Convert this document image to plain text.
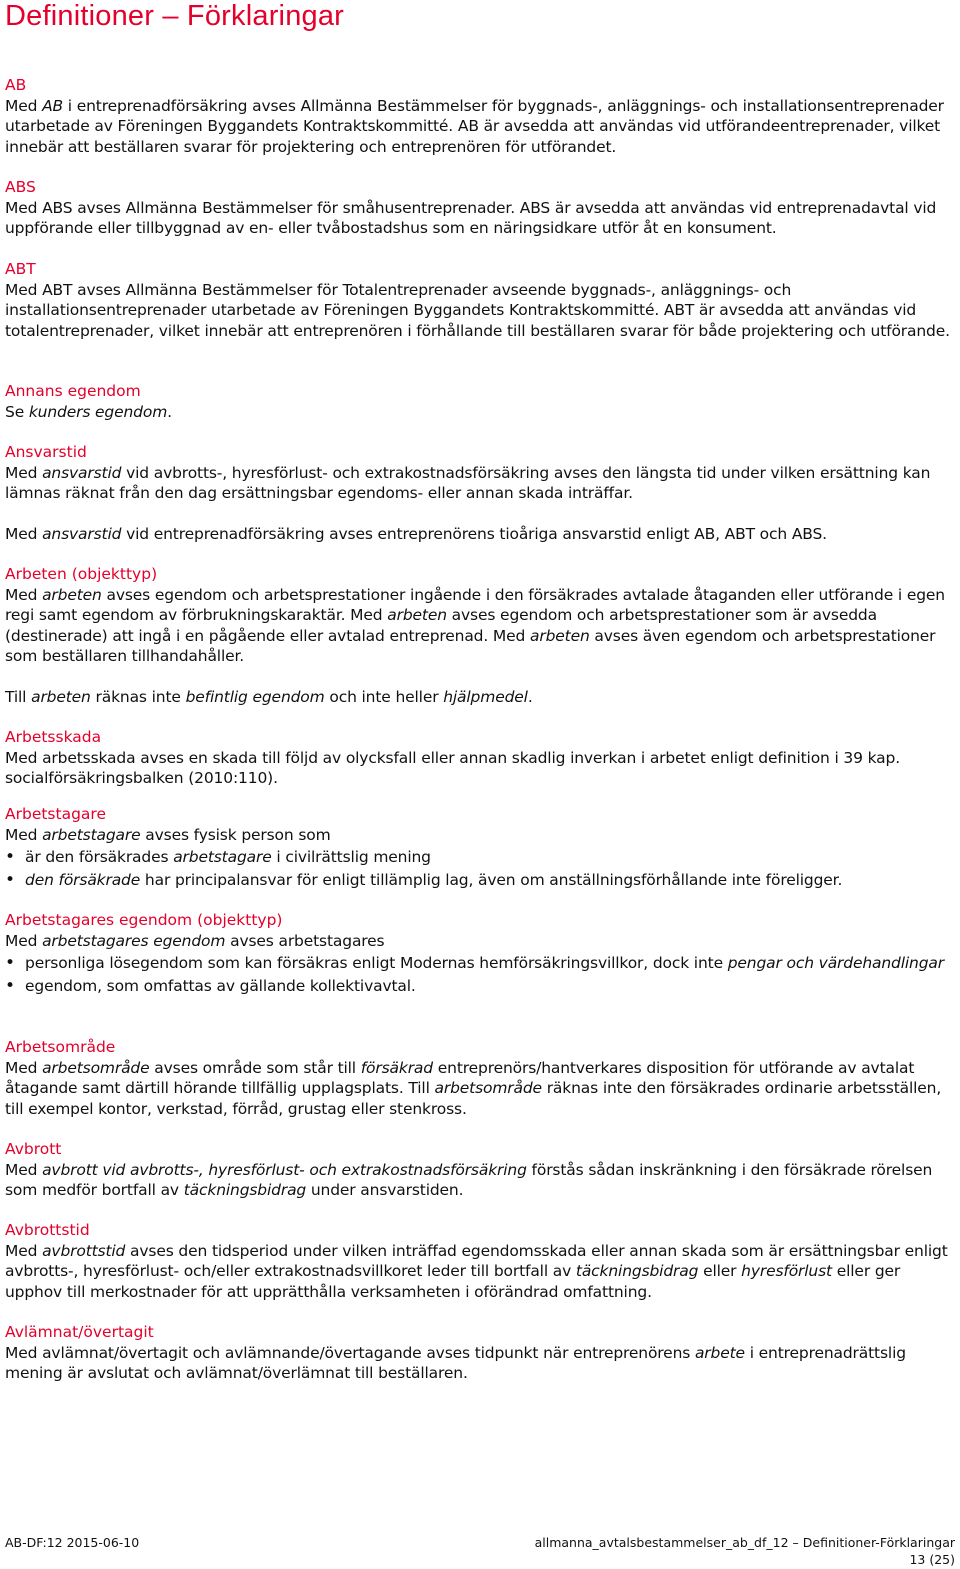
Definitioner – Förklaringar
AB

Med AB i entreprenadförsäkring avses Allmänna Bestämmelser för byggnads-, anläggnings- och installationsentreprenader utarbetade av Föreningen Byggandets Kontraktskommitté. AB är avsedda att användas vid utförandeentreprenader, vilket innebär att beställaren svarar för projektering och entreprenören för utförandet.

ABS

Med ABS avses Allmänna Bestämmelser för småhusentreprenader. ABS är avsedda att användas vid entreprenadavtal vid uppförande eller tillbyggnad av en- eller tvåbostadshus som en näringsidkare utför åt en konsument.

ABT

Med ABT avses Allmänna Bestämmelser för Totalentreprenader avseende byggnads-, anläggnings- och installationsentreprenader utarbetade av Föreningen Byggandets Kontraktskommitté. ABT är avsedda att användas vid totalentreprenader, vilket innebär att entreprenören i förhållande till beställaren svarar för både projektering och utförande.

Annans egendom

Se kunders egendom.

Ansvarstid

Med ansvarstid vid avbrotts-, hyresförlust- och extrakostnadsförsäkring avses den längsta tid under vilken ersättning kan lämnas räknat från den dag ersättningsbar egendoms- eller annan skada inträffar.

Med ansvarstid vid entreprenadförsäkring avses entreprenörens tioåriga ansvarstid enligt AB, ABT och ABS.

Arbeten (objekttyp)

Med arbeten avses egendom och arbetsprestationer ingående i den försäkrades avtalade åtaganden eller utförande i egen regi samt egendom av förbrukningskaraktär. Med arbeten avses egendom och arbetsprestationer som är avsedda (destinerade) att ingå i en pågående eller avtalad entreprenad. Med arbeten avses även egendom och arbetsprestationer som beställaren tillhandahåller.

Till arbeten räknas inte befintlig egendom och inte heller hjälpmedel.

Arbetsskada

Med arbetsskada avses en skada till följd av olycksfall eller annan skadlig inverkan i arbetet enligt definition i 39 kap. socialförsäkringsbalken (2010:110).

Arbetstagare

Med arbetstagare avses fysisk person som

• är den försäkrades arbetstagare i civilrättslig mening
• den försäkrade har principalansvar för enligt tillämplig lag, även om anställningsförhållande inte föreligger.
Arbetstagares egendom (objekttyp)

Med arbetstagares egendom avses arbetstagares

• personliga lösegendom som kan försäkras enligt Modernas hemförsäkringsvillkor, dock inte pengar och värdehandlingar
• egendom, som omfattas av gällande kollektivavtal.
Arbetsområde

Med arbetsområde avses område som står till försäkrad entreprenörs/hantverkares disposition för utförande av avtalat åtagande samt därtill hörande tillfällig upplagsplats. Till arbetsområde räknas inte den försäkrades ordinarie arbetsställen, till exempel kontor, verkstad, förråd, grustag eller stenkross.

Avbrott

Med avbrott vid avbrotts-, hyresförlust- och extrakostnadsförsäkring förstås sådan inskränkning i den försäkrade rörelsen som medför bortfall av täckningsbidrag under ansvarstiden.

Avbrottstid

Med avbrottstid avses den tidsperiod under vilken inträffad egendomsskada eller annan skada som är ersättningsbar enligt avbrotts-, hyresförlust- och/eller extrakostnadsvillkoret leder till bortfall av täckningsbidrag eller hyresförlust eller ger upphov till merkostnader för att upprätthålla verksamheten i oförändrad omfattning.

Avlämnat/övertagit

Med avlämnat/övertagit och avlämnande/övertagande avses tidpunkt när entreprenörens arbete i entreprenadrättslig mening är avslutat och avlämnat/överlämnat till beställaren.

AB-DF:12 2015-06-10	allmanna_avtalsbestammelser_ab_df_12 – Definitioner-Förklaringar
13 (25)
